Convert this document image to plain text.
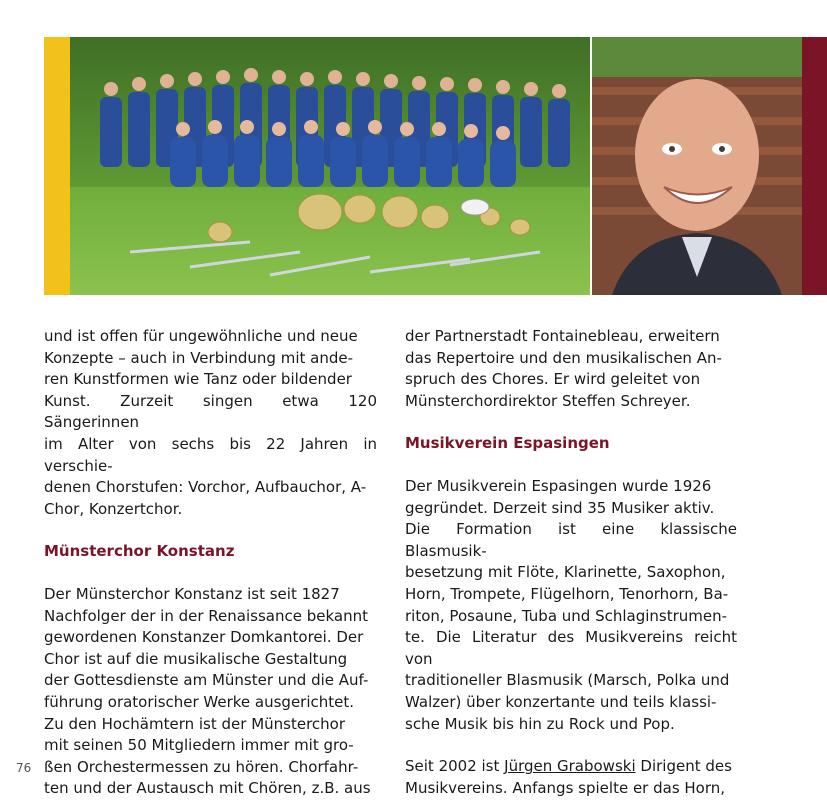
und ist offen für ungewöhnliche und neue
Konzepte – auch in Verbindung mit ande-
ren Kunstformen wie Tanz oder bildender
Kunst. Zurzeit singen etwa 120 Sängerinnen
im Alter von sechs bis 22 Jahren in verschie-
denen Chorstufen: Vorchor, Aufbauchor, A-
Chor, Konzertchor.

Münsterchor Konstanz

Der Münsterchor Konstanz ist seit 1827
Nachfolger der in der Renaissance bekannt
gewordenen Konstanzer Domkantorei. Der
Chor ist auf die musikalische Gestaltung
der Gottesdienste am Münster und die Auf-
führung oratorischer Werke ausgerichtet.
Zu den Hochämtern ist der Münsterchor
mit seinen 50 Mitgliedern immer mit gro-
ßen Orchestermessen zu hören. Chorfahr-
ten und der Austausch mit Chören, z.B. aus

der Partnerstadt Fontainebleau, erweitern
das Repertoire und den musikalischen An-
spruch des Chores. Er wird geleitet von
Münsterchordirektor Steffen Schreyer.

Musikverein Espasingen

Der Musikverein Espasingen wurde 1926
gegründet. Derzeit sind 35 Musiker aktiv.
Die Formation ist eine klassische Blasmusik-
besetzung mit Flöte, Klarinette, Saxophon,
Horn, Trompete, Flügelhorn, Tenorhorn, Ba-
riton, Posaune, Tuba und Schlaginstrumen-
te. Die Literatur des Musikvereins reicht von
traditioneller Blasmusik (Marsch, Polka und
Walzer) über konzertante und teils klassi-
sche Musik bis hin zu Rock und Pop.

Seit 2002 ist Jürgen Grabowski Dirigent des
Musikvereins. Anfangs spielte er das Horn,

76
